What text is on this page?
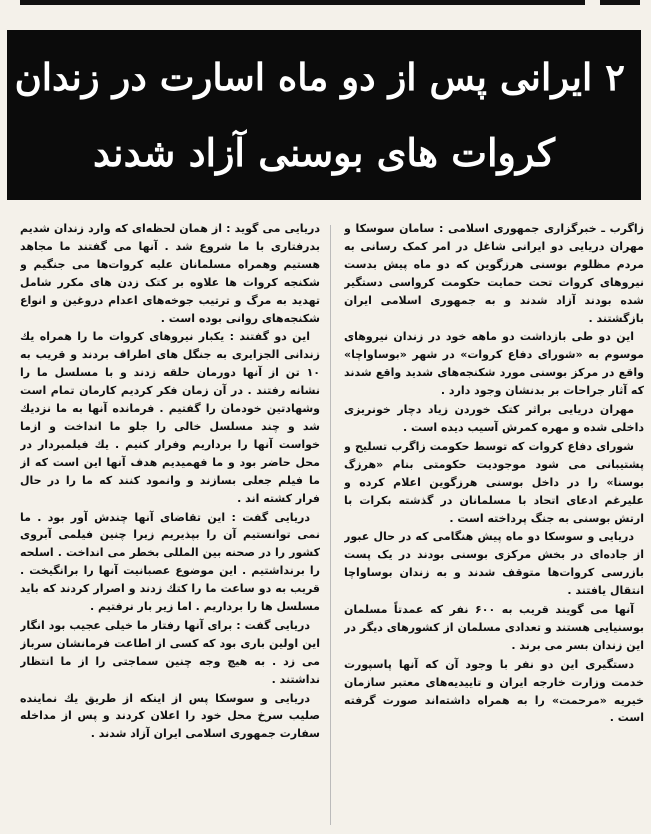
۲ ایرانی پس از دو ماه اسارت در زندان
کروات های بوسنی آزاد شدند

زاگرب ـ خبرگزاری جمهوری اسلامی : سامان سوسکا و مهران دریایی دو ایرانی شاغل در امر کمک رسانی به مردم مظلوم بوسنی هرزگوین که دو ماه پیش بدست نیروهای کروات تحت حمایت حکومت کرواسی دستگیر شده بودند آزاد شدند و به جمهوری اسلامی ایران بازگشتند .

این دو طی بازداشت دو ماهه خود در زندان نیروهای موسوم به «شورای دفاع کروات» در شهر «بوساواچا» واقع در مرکز بوسنی مورد شکنجه‌های شدید واقع شدند که آثار جراحات بر بدنشان وجود دارد .

مهران دریایی براثر کتک خوردن زیاد دچار خونریزی داخلی شده و مهره کمرش آسیب دیده است .

شورای دفاع کروات که توسط حکومت زاگرب تسلیح و پشتیبانی می شود موجودیت حکومتی بنام «هرزگ بوسنا» را در داخل بوسنی هرزگوین اعلام کرده و علیرغم ادعای اتحاد با مسلمانان در گذشته بکرات با ارتش بوسنی به جنگ پرداخته است .

دریایی و سوسکا دو ماه پیش هنگامی که در حال عبور از جاده‌ای در بخش مرکزی بوسنی بودند در یک پست بازرسی کروات‌ها متوقف شدند و به زندان بوساواچا انتقال یافتند .

آنها می گویند قریب به ۶۰۰ نفر که عمدتاً مسلمان بوسنیایی هستند و تعدادی مسلمان از کشورهای دیگر در این زندان بسر می برند .

دستگیری این دو نفر با وجود آن که آنها پاسپورت خدمت وزارت خارجه ایران و تاییدیه‌های معتبر سازمان خیریه «مرحمت» را به همراه داشته‌اند صورت گرفته است .

دریایی می گوید : از همان لحظه‌ای که وارد زندان شدیم بدرفتاری با ما شروع شد . آنها می گفتند ما مجاهد هستیم وهمراه مسلمانان علیه کروات‌ها می جنگیم و شکنجه کروات ها علاوه بر کتک زدن های مکرر شامل تهدید به مرگ و ترتیب جوخه‌های اعدام دروغین و انواع شکنجه‌های روانی بوده است .

این دو گفتند : یکبار نیروهای کروات ما را همراه یك زندانی الجزایری به جنگل های اطراف بردند و قریب به ۱۰ تن از آنها دورمان حلقه زدند و با مسلسل ما را نشانه رفتند . در آن زمان فکر کردیم کارمان تمام است وشهادتین خودمان را گفتیم . فرمانده آنها به ما نزدیك شد و چند مسلسل خالی را جلو ما انداخت و ازما خواست آنها را برداریم وفرار کنیم . یك فیلمبردار در محل حاضر بود و ما فهمیدیم هدف آنها این است که از ما فیلم جعلی بسازند و وانمود کنند که ما را در حال فرار کشته اند .

دریایی گفت : این تقاضای آنها چندش آور بود . ما نمی توانستیم آن را بپذیریم زیرا چنین فیلمی آبروی کشور را در صحنه بین المللی بخطر می انداخت . اسلحه را برنداشتیم . این موضوع عصبانیت آنها را برانگیخت . قریب به دو ساعت ما را کتك زدند و اصرار کردند که باید مسلسل ها را برداریم . اما زیر بار نرفتیم .

دریایی گفت : برای آنها رفتار ما خیلی عجیب بود انگار این اولین باری بود که کسی از اطاعت فرمانشان سرباز می زد . به هیچ وجه چنین سماجتی را از ما انتظار نداشتند .

دریایی و سوسکا پس از اینکه از طریق یك نماینده صلیب سرخ محل خود را اعلان کردند و پس از مداخله سفارت جمهوری اسلامی ایران آزاد شدند .
